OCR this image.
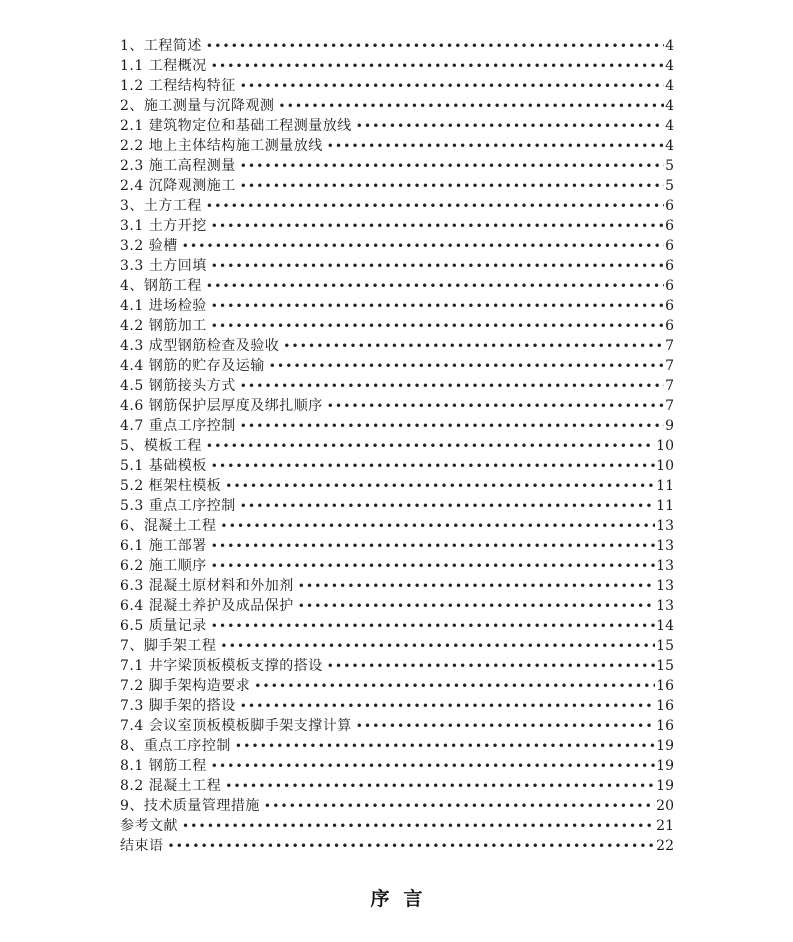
1、工程简述 •••••	4
1.1 工程概况 •••••	4
1.2 工程结构特征 •••••	4
2、施工测量与沉降观测 •••••	4
2.1 建筑物定位和基础工程测量放线 •••••	4
2.2 地上主体结构施工测量放线 •••••	4
2.3 施工高程测量 •••••	5
2.4 沉降观测施工 •••••	5
3、土方工程 •••••	6
3.1 土方开挖 •••••	6
3.2 验槽 •••••	6
3.3 土方回填 •••••	6
4、钢筋工程 •••••	6
4.1 进场检验 •••••	6
4.2 钢筋加工 •••••	6
4.3 成型钢筋检查及验收 •••••	7
4.4 钢筋的贮存及运输 •••••	7
4.5 钢筋接头方式 •••••	7
4.6 钢筋保护层厚度及绑扎顺序 •••••	7
4.7 重点工序控制 •••••	9
5、模板工程 •••••	10
5.1 基础模板 •••••	10
5.2 框架柱模板 •••••	11
5.3 重点工序控制 •••••	11
6、混凝土工程 •••••	13
6.1 施工部署 •••••	13
6.2 施工顺序 •••••	13
6.3 混凝土原材料和外加剂 •••••	13
6.4 混凝土养护及成品保护 •••••	13
6.5 质量记录 •••••	14
7、脚手架工程 •••••	15
7.1 井字梁顶板模板支撑的搭设 •••••	15
7.2 脚手架构造要求 •••••	16
7.3 脚手架的搭设 •••••	16
7.4 会议室顶板模板脚手架支撑计算 •••••	16
8、重点工序控制 •••••	19
8.1 钢筋工程 •••••	19
8.2 混凝土工程 •••••	19
9、技术质量管理措施 •••••	20
参考文献 •••••	21
结束语 •••••	22
序言
